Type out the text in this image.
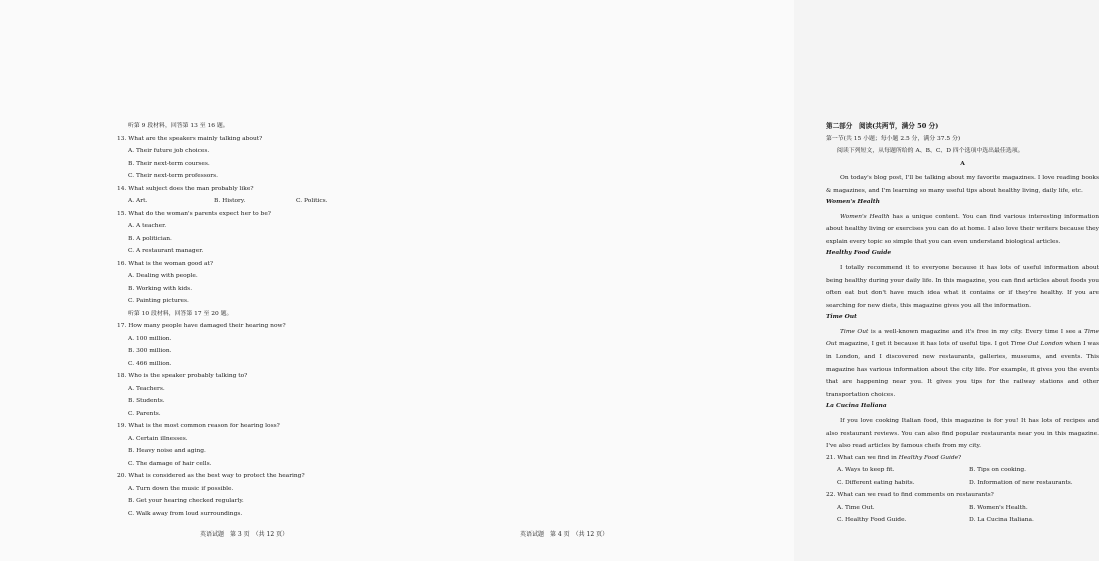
听第 9 段材料，回答第 13 至 16 题。
13. What are the speakers mainly talking about?
A. Their future job choices.
B. Their next-term courses.
C. Their next-term professors.
14. What subject does the man probably like?
A. Art.	B. History.	C. Politics.
15. What do the woman's parents expect her to be?
A. A teacher.
B. A politician.
C. A restaurant manager.
16. What is the woman good at?
A. Dealing with people.
B. Working with kids.
C. Painting pictures.
听第 10 段材料，回答第 17 至 20 题。
17. How many people have damaged their hearing now?
A. 100 million.
B. 300 million.
C. 466 million.
18. Who is the speaker probably talking to?
A. Teachers.
B. Students.
C. Parents.
19. What is the most common reason for hearing loss?
A. Certain illnesses.
B. Heavy noise and aging.
C. The damage of hair cells.
20. What is considered as the best way to protect the hearing?
A. Turn down the music if possible.
B. Get your hearing checked regularly.
C. Walk away from loud surroundings.
英语试题　第 3 页　（共 12 页）
第二部分　阅读(共两节，满分 50 分)
第一节(共 15 小题；每小题 2.5 分，满分 37.5 分)
阅读下列短文，从每题所给的 A、B、C、D 四个选项中选出最佳选项。
A

On today's blog post, I'll be talking about my favorite magazines. I love reading books & magazines, and I'm learning so many useful tips about healthy living, daily life, etc.

Women's Health

Women's Health has a unique content. You can find various interesting information about healthy living or exercises you can do at home. I also love their writers because they explain every topic so simple that you can even understand biological articles.

Healthy Food Guide

I totally recommend it to everyone because it has lots of useful information about being healthy during your daily life. In this magazine, you can find articles about foods you often eat but don't have much idea what it contains or if they're healthy. If you are searching for new diets, this magazine gives you all the information.

Time Out

Time Out is a well-known magazine and it's free in my city. Every time I see a Time Out magazine, I get it because it has lots of useful tips. I got Time Out London when I was in London, and I discovered new restaurants, galleries, museums, and events. This magazine has various information about the city life. For example, it gives you the events that are happening near you. It gives you tips for the railway stations and other transportation choices.

La Cucina Italiana

If you love cooking Italian food, this magazine is for you! It has lots of recipes and also restaurant reviews. You can also find popular restaurants near you in this magazine. I've also read articles by famous chefs from my city.

21. What can we find in Healthy Food Guide?
A. Ways to keep fit.	B. Tips on cooking.
C. Different eating habits.	D. Information of new restaurants.
22. What can we read to find comments on restaurants?
A. Time Out.	B. Women's Health.
C. Healthy Food Guide.	D. La Cucina Italiana.
英语试题　第 4 页　（共 12 页）
